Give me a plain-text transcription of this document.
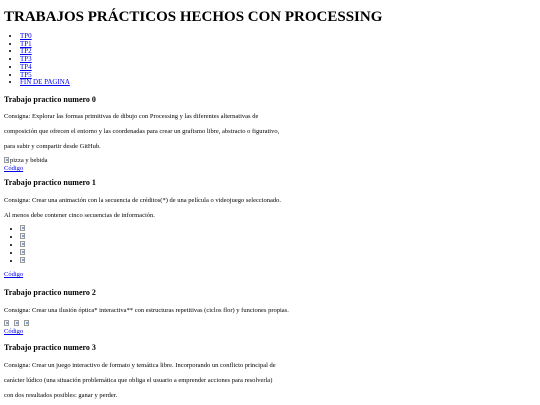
TRABAJOS PRÁCTICOS HECHOS CON PROCESSING
• TP0
• TP1
• TP2
• TP3
• TP4
• TP5
• FIN DE PAGINA
Trabajo practico numero 0

Consigna: Explorar las formas primitivas de dibujo con Processing y las diferentes alternativas de

composición que ofrecen el entorno y las coordenadas para crear un grafismo libre, abstracto o figurativo,

para subir y compartir desde GitHub.

pizza y bebida
Código
Trabajo practico numero 1

Consigna: Crear una animación con la secuencia de créditos(*) de una película o videojuego seleccionado.

Al menos debe contener cinco secuencias de información.

•
•
•
•
•
Código
Trabajo practico numero 2

Consigna: Crear una ilusión óptica* interactiva** con estructuras repetitivas (ciclos flor) y funciones propias.

Código
Trabajo practico numero 3

Consigna: Crear un juego interactivo de formato y temática libre. Incorporando un conflicto principal de

carácter lúdico (una situación problemática que obliga el usuario a emprender acciones para resolverla)

con dos resultados posibles: ganar y perder.
